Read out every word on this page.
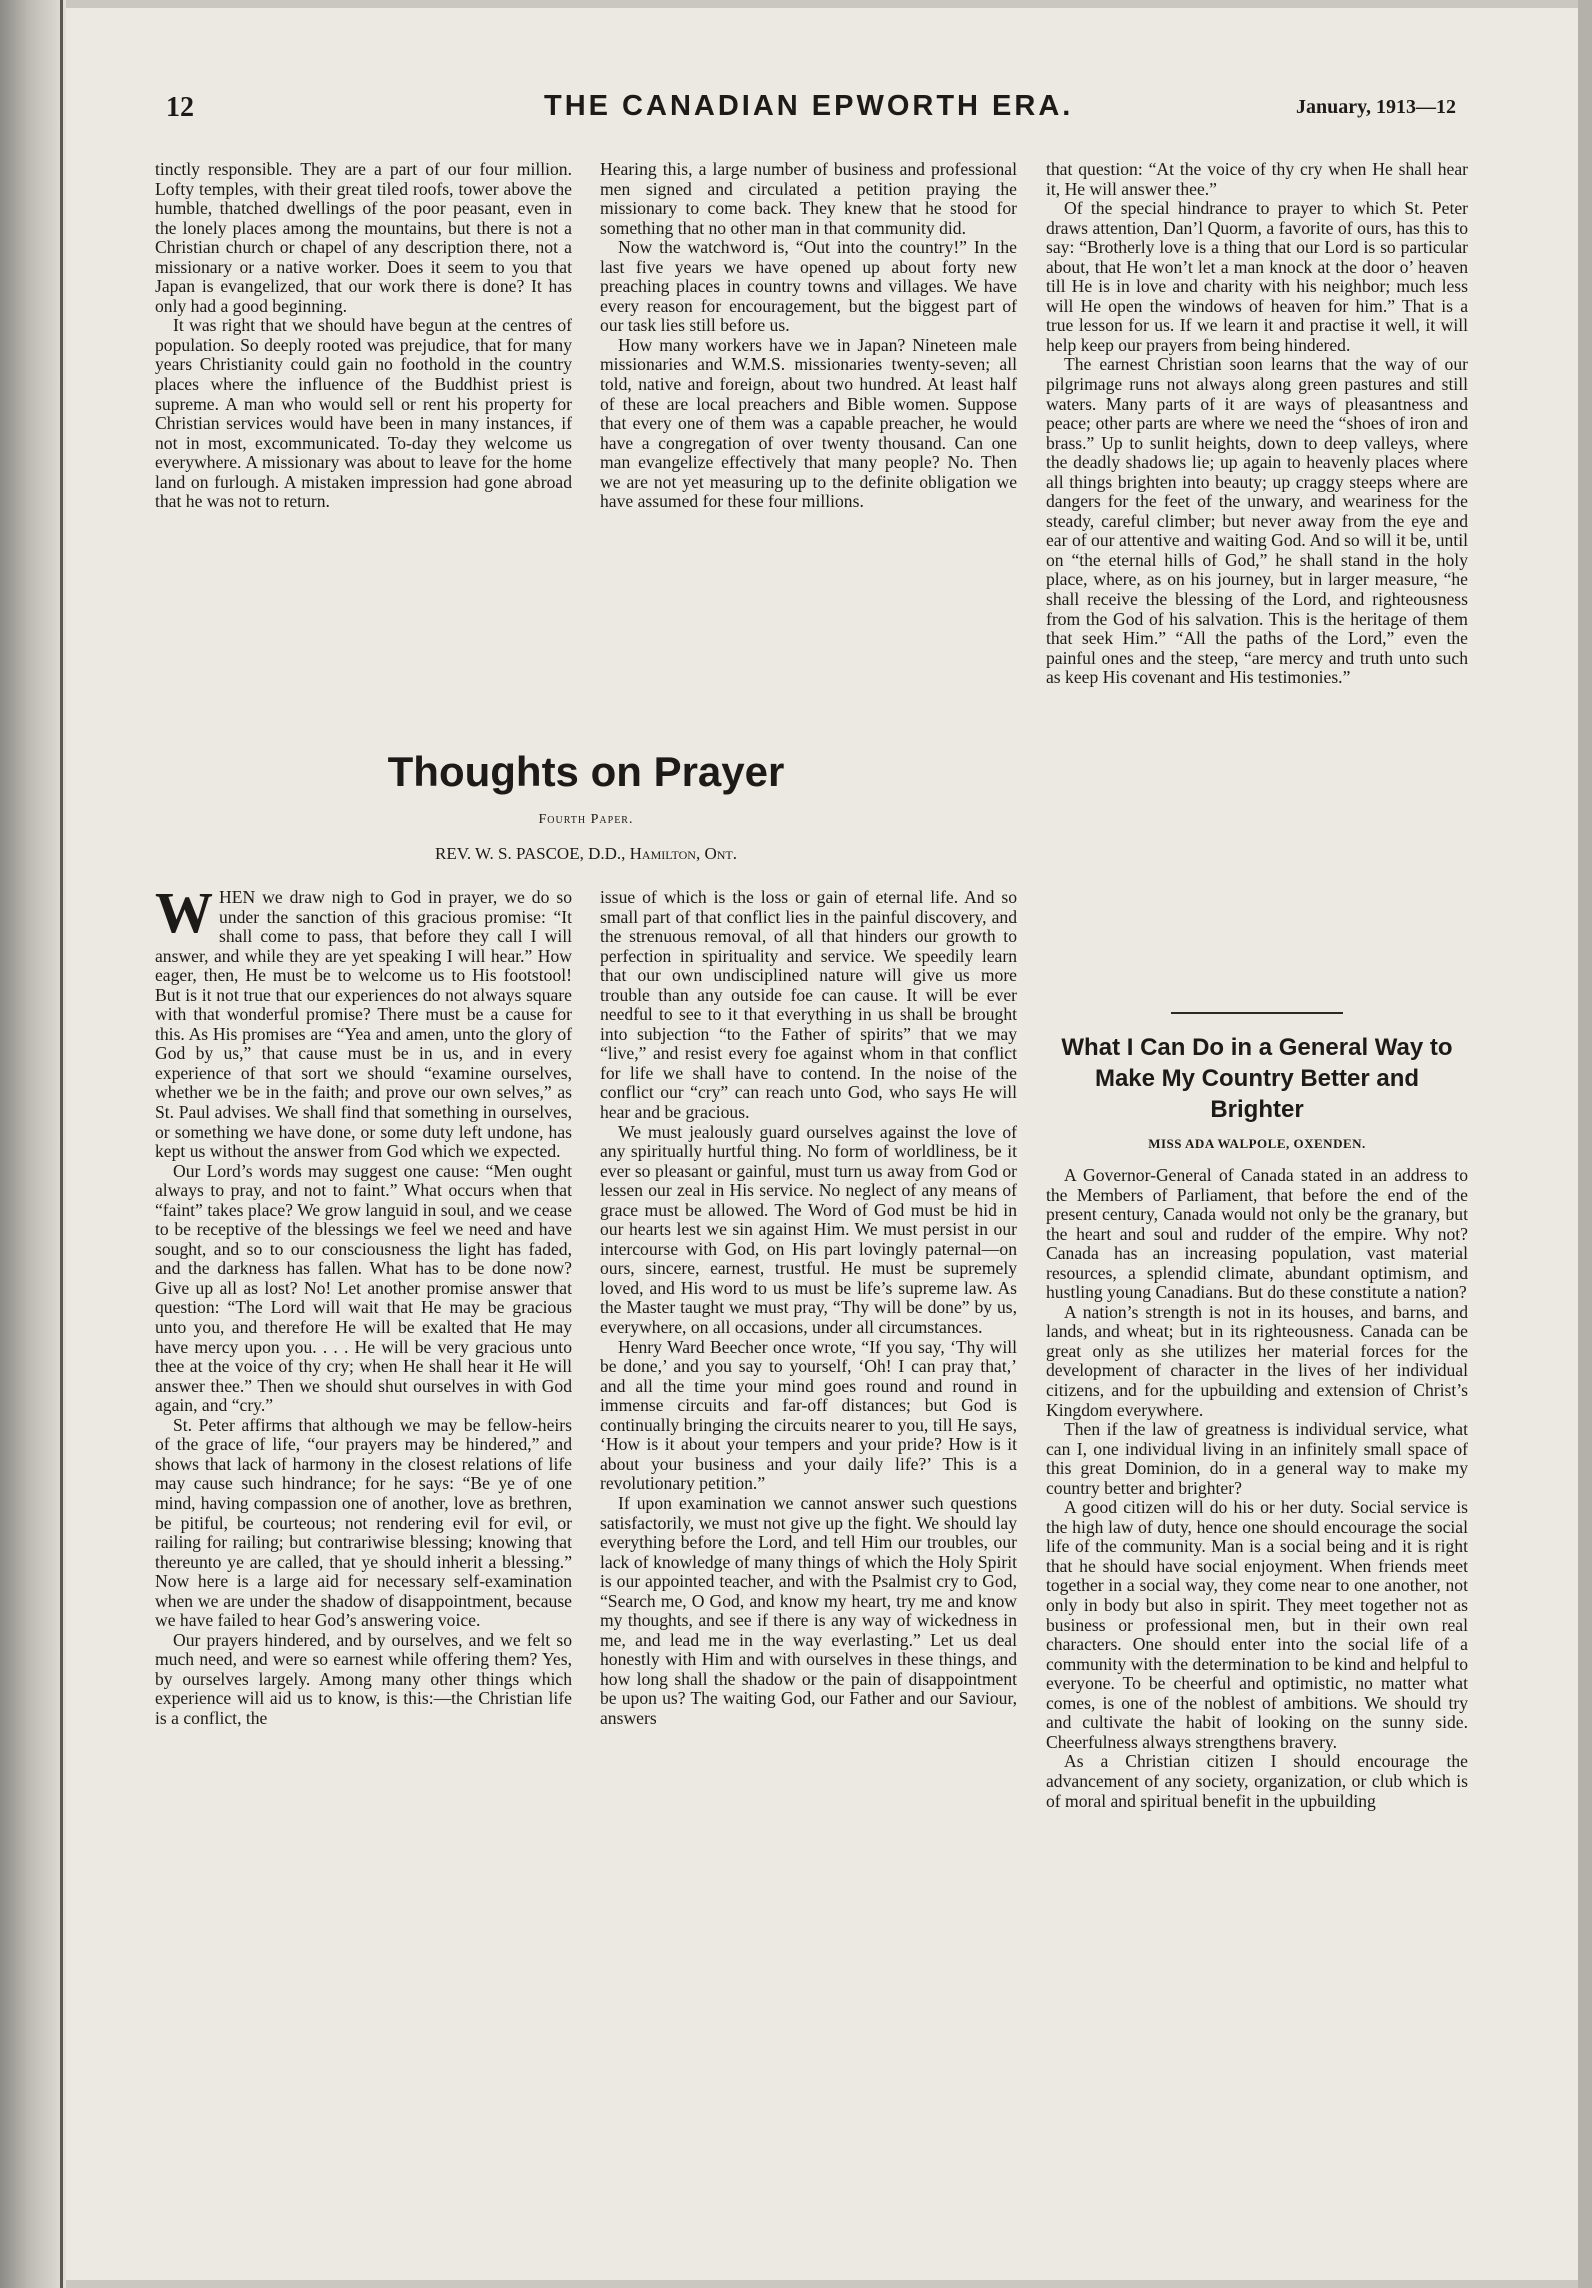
12	THE CANADIAN EPWORTH ERA.	January, 1913—12

tinctly responsible. They are a part of our four million. Lofty temples, with their great tiled roofs, tower above the humble, thatched dwellings of the poor peasant, even in the lonely places among the mountains, but there is not a Christian church or chapel of any description there, not a missionary or a native worker. Does it seem to you that Japan is evangelized, that our work there is done? It has only had a good beginning.

It was right that we should have begun at the centres of population. So deeply rooted was prejudice, that for many years Christianity could gain no foothold in the country places where the influence of the Buddhist priest is supreme. A man who would sell or rent his property for Christian services would have been in many instances, if not in most, excommunicated. To-day they welcome us everywhere. A missionary was about to leave for the home land on furlough. A mistaken impression had gone abroad that he was not to return.

Hearing this, a large number of business and professional men signed and circulated a petition praying the missionary to come back. They knew that he stood for something that no other man in that community did.

Now the watchword is, “Out into the country!” In the last five years we have opened up about forty new preaching places in country towns and villages. We have every reason for encouragement, but the biggest part of our task lies still before us.

How many workers have we in Japan? Nineteen male missionaries and W.M.S. missionaries twenty-seven; all told, native and foreign, about two hundred. At least half of these are local preachers and Bible women. Suppose that every one of them was a capable preacher, he would have a congregation of over twenty thousand. Can one man evangelize effectively that many people? No. Then we are not yet measuring up to the definite obligation we have assumed for these four millions.

that question: “At the voice of thy cry when He shall hear it, He will answer thee.”

Of the special hindrance to prayer to which St. Peter draws attention, Dan’l Quorm, a favorite of ours, has this to say: “Brotherly love is a thing that our Lord is so particular about, that He won’t let a man knock at the door o’ heaven till He is in love and charity with his neighbor; much less will He open the windows of heaven for him.” That is a true lesson for us. If we learn it and practise it well, it will help keep our prayers from being hindered.

The earnest Christian soon learns that the way of our pilgrimage runs not always along green pastures and still waters. Many parts of it are ways of pleasantness and peace; other parts are where we need the “shoes of iron and brass.” Up to sunlit heights, down to deep valleys, where the deadly shadows lie; up again to heavenly places where all things brighten into beauty; up craggy steeps where are dangers for the feet of the unwary, and weariness for the steady, careful climber; but never away from the eye and ear of our attentive and waiting God. And so will it be, until on “the eternal hills of God,” he shall stand in the holy place, where, as on his journey, but in larger measure, “he shall receive the blessing of the Lord, and righteousness from the God of his salvation. This is the heritage of them that seek Him.” “All the paths of the Lord,” even the painful ones and the steep, “are mercy and truth unto such as keep His covenant and His testimonies.”

Thoughts on Prayer
Fourth Paper.
REV. W. S. PASCOE, D.D., Hamilton, Ont.

WHEN we draw nigh to God in prayer, we do so under the sanction of this gracious promise: “It shall come to pass, that before they call I will answer, and while they are yet speaking I will hear.” How eager, then, He must be to welcome us to His footstool! But is it not true that our experiences do not always square with that wonderful promise? There must be a cause for this. As His promises are “Yea and amen, unto the glory of God by us,” that cause must be in us, and in every experience of that sort we should “examine ourselves, whether we be in the faith; and prove our own selves,” as St. Paul advises. We shall find that something in ourselves, or something we have done, or some duty left undone, has kept us without the answer from God which we expected.

Our Lord’s words may suggest one cause: “Men ought always to pray, and not to faint.” What occurs when that “faint” takes place? We grow languid in soul, and we cease to be receptive of the blessings we feel we need and have sought, and so to our consciousness the light has faded, and the darkness has fallen. What has to be done now? Give up all as lost? No! Let another promise answer that question: “The Lord will wait that He may be gracious unto you, and therefore He will be exalted that He may have mercy upon you. . . . He will be very gracious unto thee at the voice of thy cry; when He shall hear it He will answer thee.” Then we should shut ourselves in with God again, and “cry.”

St. Peter affirms that although we may be fellow-heirs of the grace of life, “our prayers may be hindered,” and shows that lack of harmony in the closest relations of life may cause such hindrance; for he says: “Be ye of one mind, having compassion one of another, love as brethren, be pitiful, be courteous; not rendering evil for evil, or railing for railing; but contrariwise blessing; knowing that thereunto ye are called, that ye should inherit a blessing.” Now here is a large aid for necessary self-examination when we are under the shadow of disappointment, because we have failed to hear God’s answering voice.

Our prayers hindered, and by ourselves, and we felt so much need, and were so earnest while offering them? Yes, by ourselves largely. Among many other things which experience will aid us to know, is this:—the Christian life is a conflict, the

issue of which is the loss or gain of eternal life. And so small part of that conflict lies in the painful discovery, and the strenuous removal, of all that hinders our growth to perfection in spirituality and service. We speedily learn that our own undisciplined nature will give us more trouble than any outside foe can cause. It will be ever needful to see to it that everything in us shall be brought into subjection “to the Father of spirits” that we may “live,” and resist every foe against whom in that conflict for life we shall have to contend. In the noise of the conflict our “cry” can reach unto God, who says He will hear and be gracious.

We must jealously guard ourselves against the love of any spiritually hurtful thing. No form of worldliness, be it ever so pleasant or gainful, must turn us away from God or lessen our zeal in His service. No neglect of any means of grace must be allowed. The Word of God must be hid in our hearts lest we sin against Him. We must persist in our intercourse with God, on His part lovingly paternal—on ours, sincere, earnest, trustful. He must be supremely loved, and His word to us must be life’s supreme law. As the Master taught we must pray, “Thy will be done” by us, everywhere, on all occasions, under all circumstances.

Henry Ward Beecher once wrote, “If you say, ‘Thy will be done,’ and you say to yourself, ‘Oh! I can pray that,’ and all the time your mind goes round and round in immense circuits and far-off distances; but God is continually bringing the circuits nearer to you, till He says, ‘How is it about your tempers and your pride? How is it about your business and your daily life?’ This is a revolutionary petition.”

If upon examination we cannot answer such questions satisfactorily, we must not give up the fight. We should lay everything before the Lord, and tell Him our troubles, our lack of knowledge of many things of which the Holy Spirit is our appointed teacher, and with the Psalmist cry to God, “Search me, O God, and know my heart, try me and know my thoughts, and see if there is any way of wickedness in me, and lead me in the way everlasting.” Let us deal honestly with Him and with ourselves in these things, and how long shall the shadow or the pain of disappointment be upon us? The waiting God, our Father and our Saviour, answers

What I Can Do in a General Way to Make My Country Better and Brighter
MISS ADA WALPOLE, OXENDEN.

A Governor-General of Canada stated in an address to the Members of Parliament, that before the end of the present century, Canada would not only be the granary, but the heart and soul and rudder of the empire. Why not? Canada has an increasing population, vast material resources, a splendid climate, abundant optimism, and hustling young Canadians. But do these constitute a nation?

A nation’s strength is not in its houses, and barns, and lands, and wheat; but in its righteousness. Canada can be great only as she utilizes her material forces for the development of character in the lives of her individual citizens, and for the upbuilding and extension of Christ’s Kingdom everywhere.

Then if the law of greatness is individual service, what can I, one individual living in an infinitely small space of this great Dominion, do in a general way to make my country better and brighter?

A good citizen will do his or her duty. Social service is the high law of duty, hence one should encourage the social life of the community. Man is a social being and it is right that he should have social enjoyment. When friends meet together in a social way, they come near to one another, not only in body but also in spirit. They meet together not as business or professional men, but in their own real characters. One should enter into the social life of a community with the determination to be kind and helpful to everyone. To be cheerful and optimistic, no matter what comes, is one of the noblest of ambitions. We should try and cultivate the habit of looking on the sunny side. Cheerfulness always strengthens bravery.

As a Christian citizen I should encourage the advancement of any society, organization, or club which is of moral and spiritual benefit in the upbuilding
